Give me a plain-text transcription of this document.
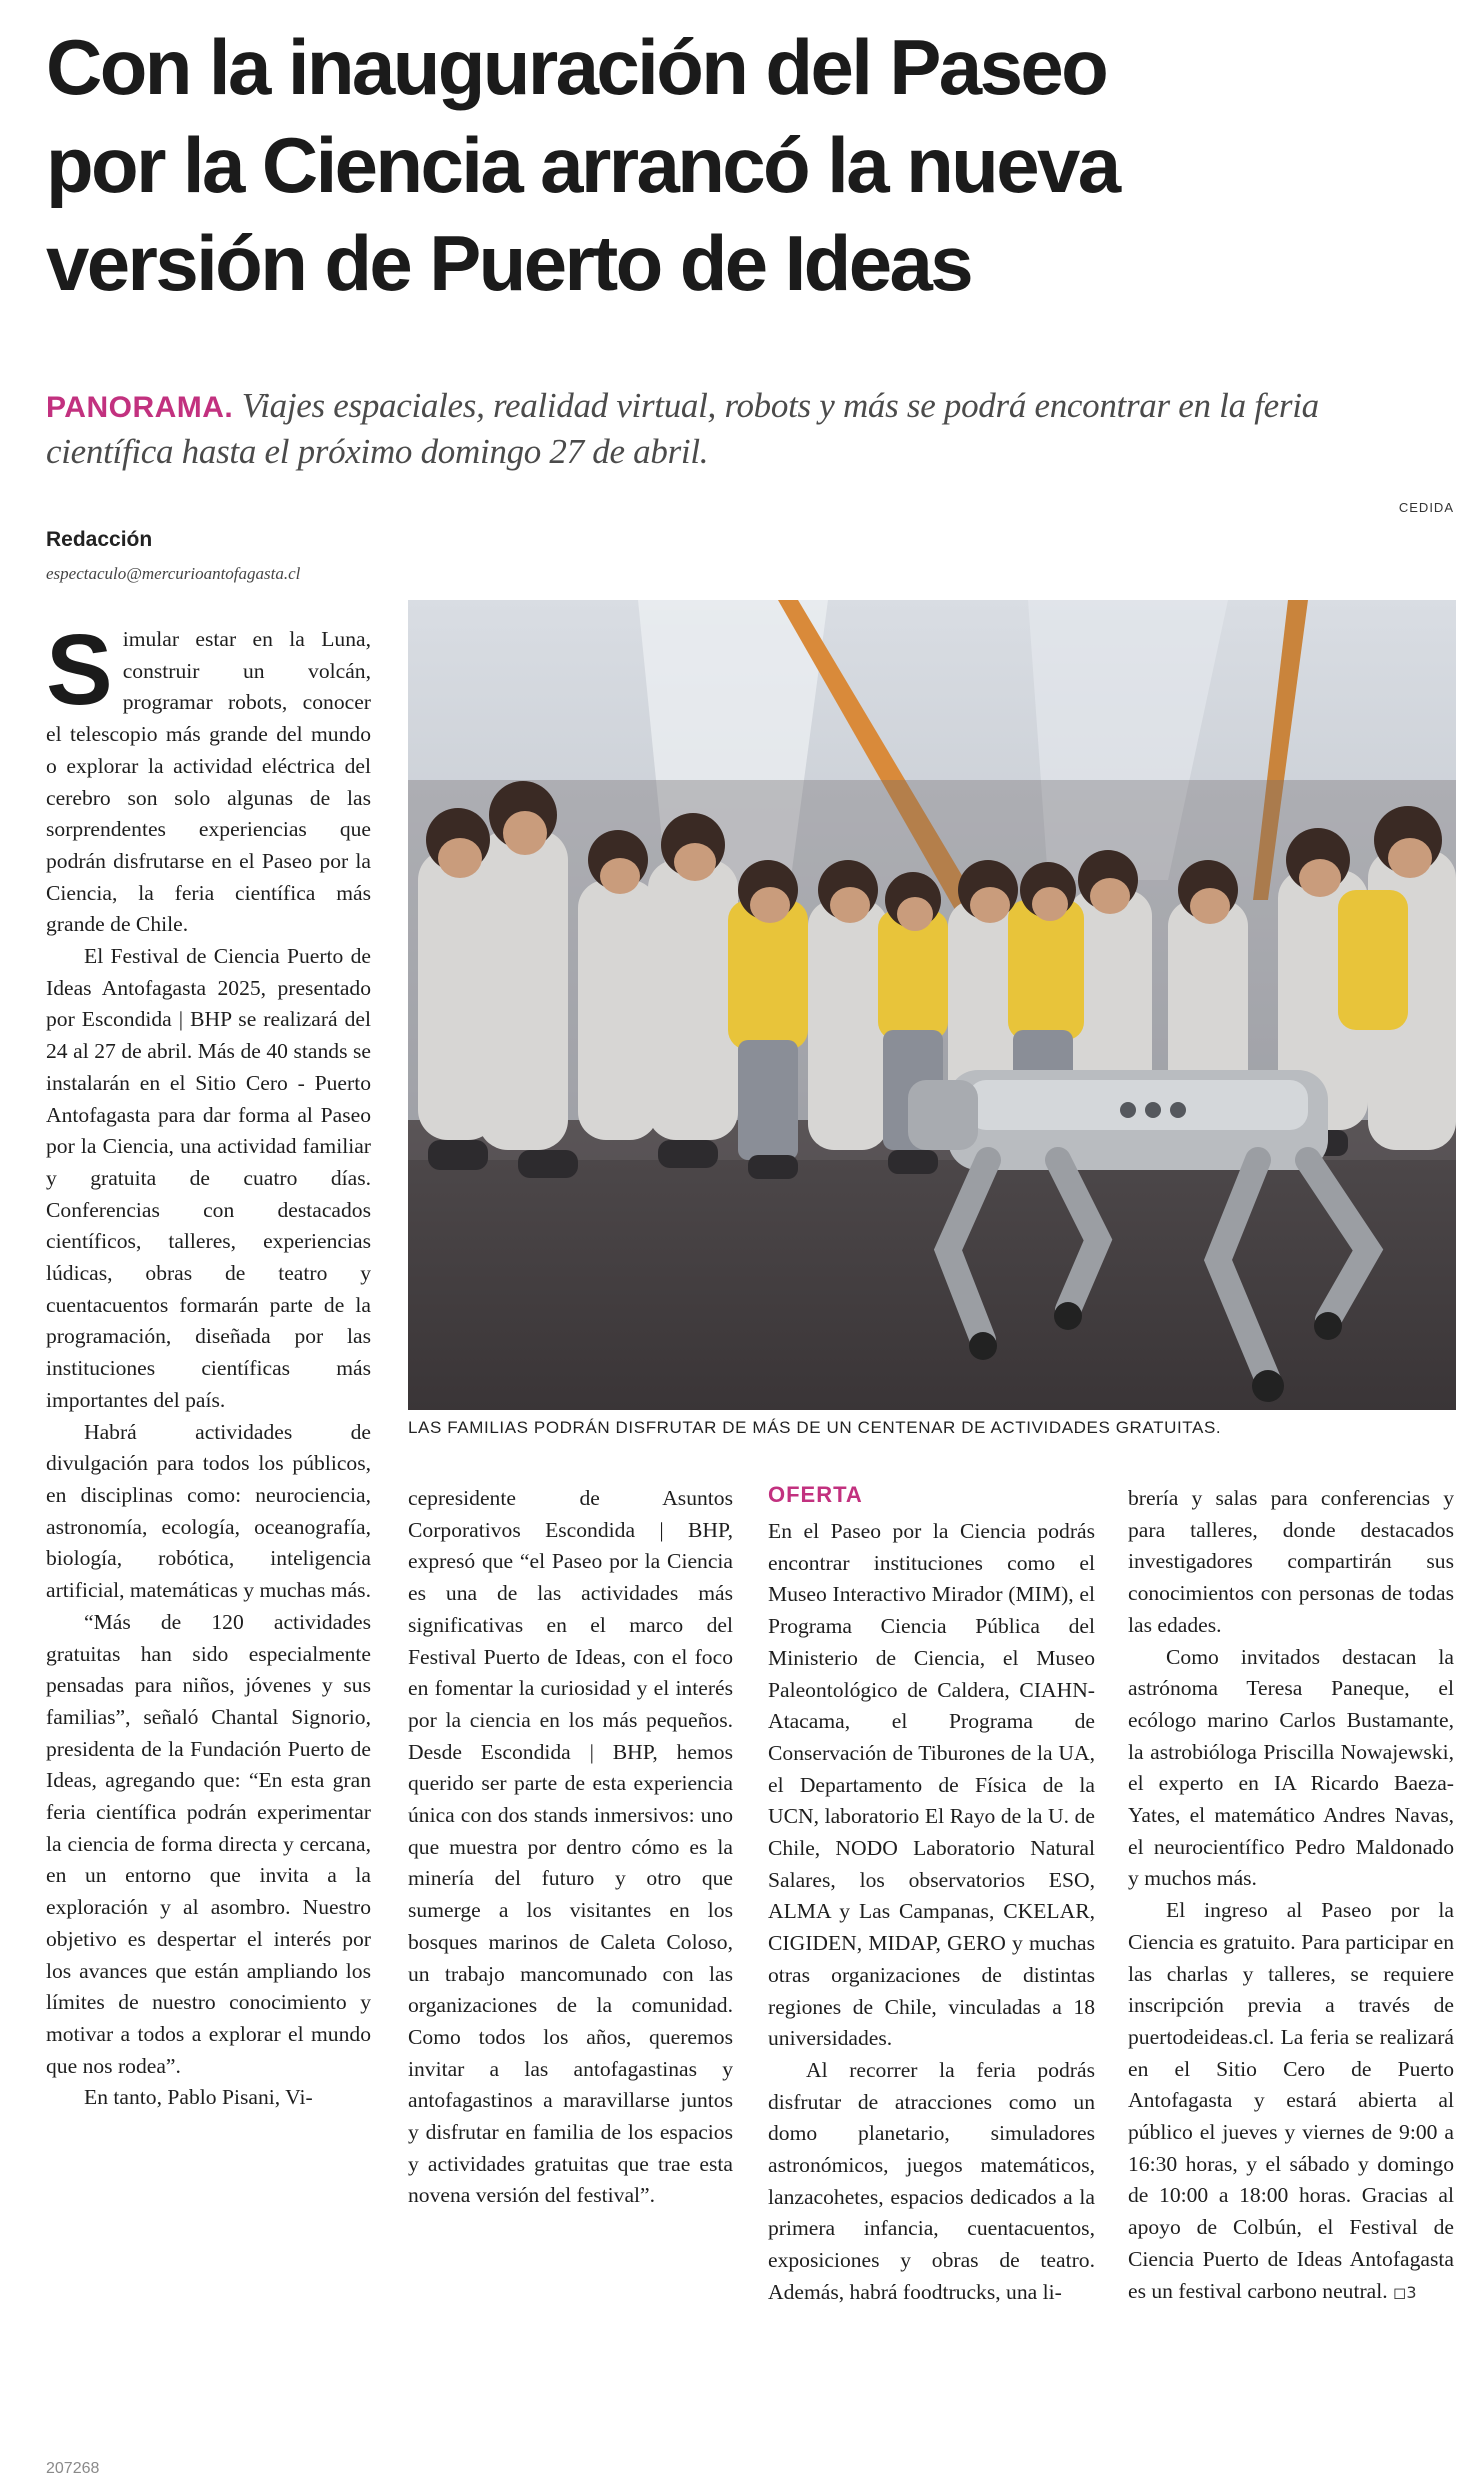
Con la inauguración del Paseo
por la Ciencia arrancó la nueva
versión de Puerto de Ideas

PANORAMA. Viajes espaciales, realidad virtual, robots y más se podrá encontrar en la feria científica hasta el próximo domingo 27 de abril.

CEDIDA
Redacción
espectaculo@mercurioantofagasta.cl
LAS FAMILIAS PODRÁN DISFRUTAR DE MÁS DE UN CENTENAR DE ACTIVIDADES GRATUITAS.

Simular estar en la Luna, construir un volcán, programar robots, conocer el telescopio más grande del mundo o explorar la actividad eléctrica del cerebro son solo algunas de las sorprendentes experiencias que podrán disfrutarse en el Paseo por la Ciencia, la feria científica más grande de Chile.

El Festival de Ciencia Puerto de Ideas Antofagasta 2025, presentado por Escondida | BHP se realizará del 24 al 27 de abril. Más de 40 stands se instalarán en el Sitio Cero - Puerto Antofagasta para dar forma al Paseo por la Ciencia, una actividad familiar y gratuita de cuatro días. Conferencias con destacados científicos, talleres, experiencias lúdicas, obras de teatro y cuentacuentos formarán parte de la programación, diseñada por las instituciones científicas más importantes del país.

Habrá actividades de divulgación para todos los públicos, en disciplinas como: neurociencia, astronomía, ecología, oceanografía, biología, robótica, inteligencia artificial, matemáticas y muchas más.

“Más de 120 actividades gratuitas han sido especialmente pensadas para niños, jóvenes y sus familias”, señaló Chantal Signorio, presidenta de la Fundación Puerto de Ideas, agregando que: “En esta gran feria científica podrán experimentar la ciencia de forma directa y cercana, en un entorno que invita a la exploración y al asombro. Nuestro objetivo es despertar el interés por los avances que están ampliando los límites de nuestro conocimiento y motivar a todos a explorar el mundo que nos rodea”.

En tanto, Pablo Pisani, Vi-

cepresidente de Asuntos Corporativos Escondida | BHP, expresó que “el Paseo por la Ciencia es una de las actividades más significativas en el marco del Festival Puerto de Ideas, con el foco en fomentar la curiosidad y el interés por la ciencia en los más pequeños. Desde Escondida | BHP, hemos querido ser parte de esta experiencia única con dos stands inmersivos: uno que muestra por dentro cómo es la minería del futuro y otro que sumerge a los visitantes en los bosques marinos de Caleta Coloso, un trabajo mancomunado con las organizaciones de la comunidad. Como todos los años, queremos invitar a las antofagastinas y antofagastinos a maravillarse juntos y disfrutar en familia de los espacios y actividades gratuitas que trae esta novena versión del festival”.

OFERTA

En el Paseo por la Ciencia podrás encontrar instituciones como el Museo Interactivo Mirador (MIM), el Programa Ciencia Pública del Ministerio de Ciencia, el Museo Paleontológico de Caldera, CIAHN-Atacama, el Programa de Conservación de Tiburones de la UA, el Departamento de Física de la UCN, laboratorio El Rayo de la U. de Chile, NODO Laboratorio Natural Salares, los observatorios ESO, ALMA y Las Campanas, CKELAR, CIGIDEN, MIDAP, GERO y muchas otras organizaciones de distintas regiones de Chile, vinculadas a 18 universidades.

Al recorrer la feria podrás disfrutar de atracciones como un domo planetario, simuladores astronómicos, juegos matemáticos, lanzacohetes, espacios dedicados a la primera infancia, cuentacuentos, exposiciones y obras de teatro. Además, habrá foodtrucks, una li-

brería y salas para conferencias y para talleres, donde destacados investigadores compartirán sus conocimientos con personas de todas las edades.

Como invitados destacan la astrónoma Teresa Paneque, el ecólogo marino Carlos Bustamante, la astrobióloga Priscilla Nowajewski, el experto en IA Ricardo Baeza-Yates, el matemático Andres Navas, el neurocientífico Pedro Maldonado y muchos más.

El ingreso al Paseo por la Ciencia es gratuito. Para participar en las charlas y talleres, se requiere inscripción previa a través de puertodeideas.cl. La feria se realizará en el Sitio Cero de Puerto Antofagasta y estará abierta al público el jueves y viernes de 9:00 a 16:30 horas, y el sábado y domingo de 10:00 a 18:00 horas. Gracias al apoyo de Colbún, el Festival de Ciencia Puerto de Ideas Antofagasta es un festival carbono neutral. ◻3

207268
